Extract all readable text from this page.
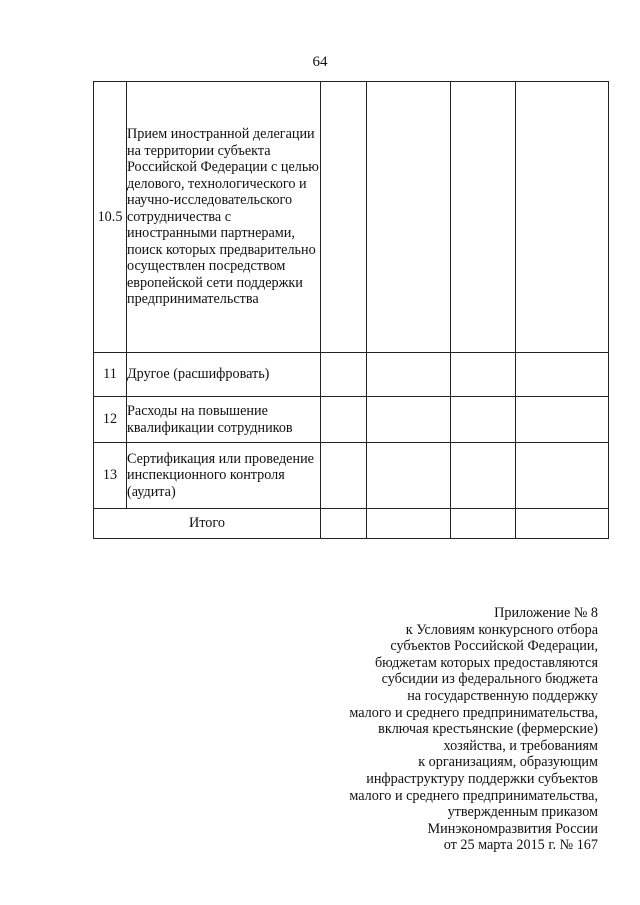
64
10.5	Прием иностранной делегации на территории субъекта Российской Федерации с целью делового, технологического и научно-исследовательского сотрудничества с иностранными партнерами, поиск которых предварительно осуществлен посредством европейской сети поддержки предпринимательства				
11	Другое (расшифровать)				
12	Расходы на повышение квалификации сотрудников				
13	Сертификация или проведение инспекционного контроля (аудита)				
Итого					
Приложение № 8
к Условиям конкурсного отбора
субъектов Российской Федерации,
бюджетам которых предоставляются
субсидии из федерального бюджета
на государственную поддержку
малого и среднего предпринимательства,
включая крестьянские (фермерские)
хозяйства, и требованиям
к организациям, образующим
инфраструктуру поддержки субъектов
малого и среднего предпринимательства,
утвержденным приказом
Минэкономразвития России
от 25 марта 2015 г. № 167
